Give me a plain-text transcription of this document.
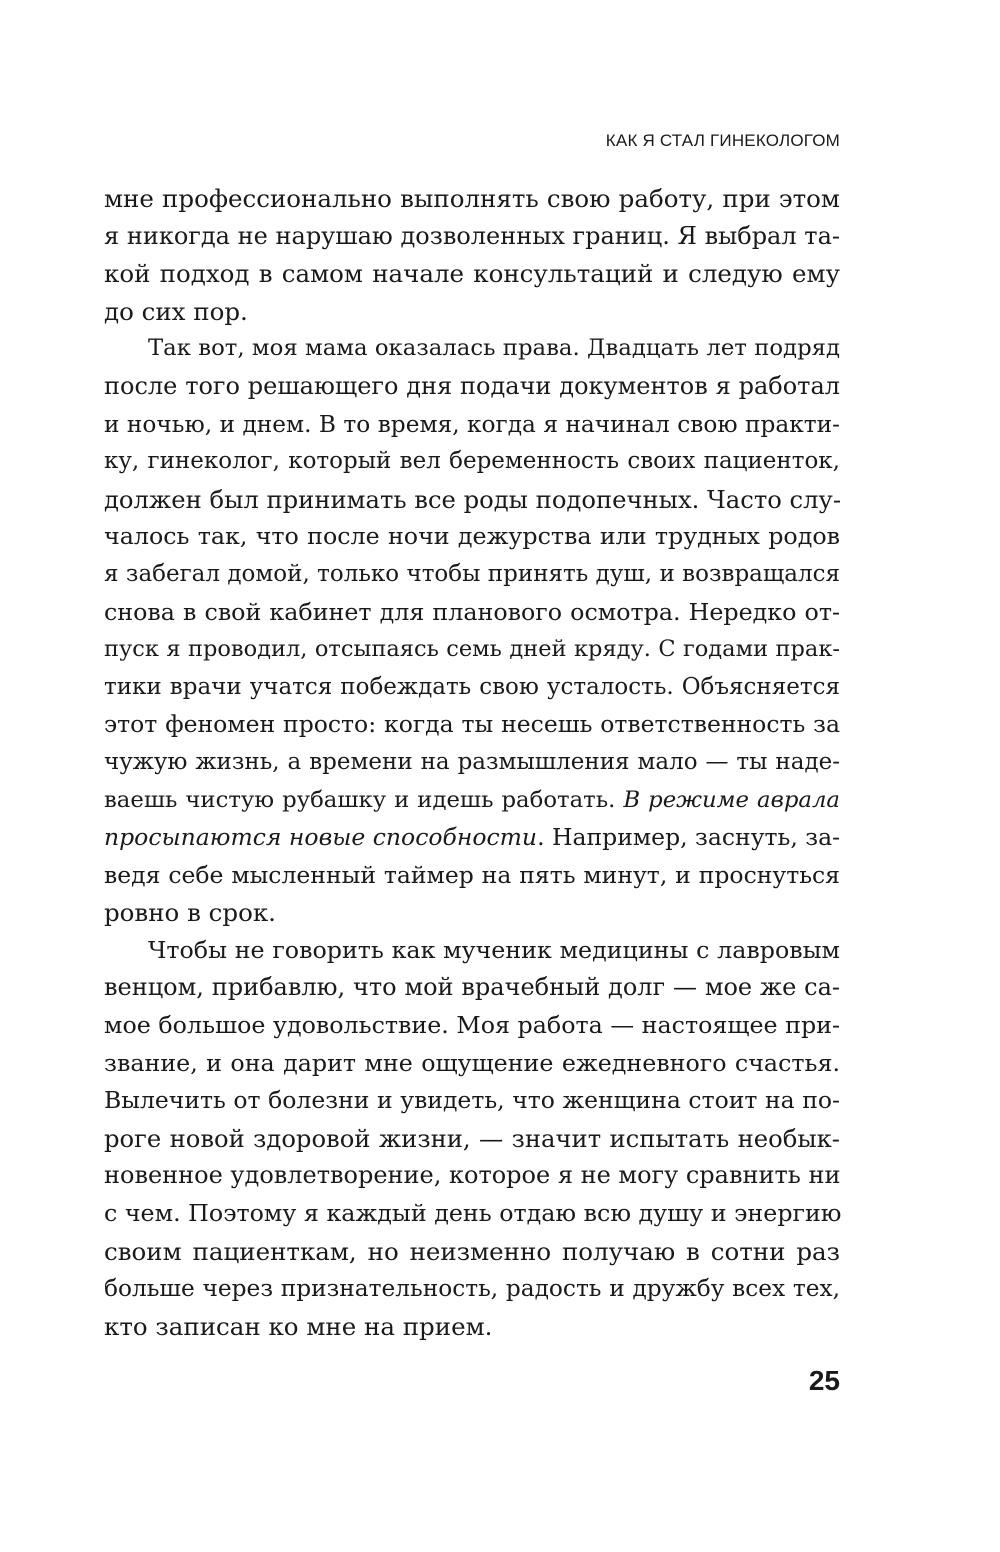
КАК Я СТАЛ ГИНЕКОЛОГОМ
мне профессионально выполнять свою работу, при этом
я никогда не нарушаю дозволенных границ. Я выбрал та-
кой подход в самом начале консультаций и следую ему
до сих пор.
Так вот, моя мама оказалась права. Двадцать лет подряд
после того решающего дня подачи документов я работал
и ночью, и днем. В то время, когда я начинал свою практи-
ку, гинеколог, который вел беременность своих пациенток,
должен был принимать все роды подопечных. Часто слу-
чалось так, что после ночи дежурства или трудных родов
я забегал домой, только чтобы принять душ, и возвращался
снова в свой кабинет для планового осмотра. Нередко от-
пуск я проводил, отсыпаясь семь дней кряду. С годами прак-
тики врачи учатся побеждать свою усталость. Объясняется
этот феномен просто: когда ты несешь ответственность за
чужую жизнь, а времени на размышления мало — ты наде-
ваешь чистую рубашку и идешь работать. В режиме аврала
просыпаются новые способности. Например, заснуть, за-
ведя себе мысленный таймер на пять минут, и проснуться
ровно в срок.
Чтобы не говорить как мученик медицины с лавровым
венцом, прибавлю, что мой врачебный долг — мое же са-
мое большое удовольствие. Моя работа — настоящее при-
звание, и она дарит мне ощущение ежедневного счастья.
Вылечить от болезни и увидеть, что женщина стоит на по-
роге новой здоровой жизни, — значит испытать необык-
новенное удовлетворение, которое я не могу сравнить ни
с чем. Поэтому я каждый день отдаю всю душу и энергию
своим пациенткам, но неизменно получаю в сотни раз
больше через признательность, радость и дружбу всех тех,
кто записан ко мне на прием.
25
